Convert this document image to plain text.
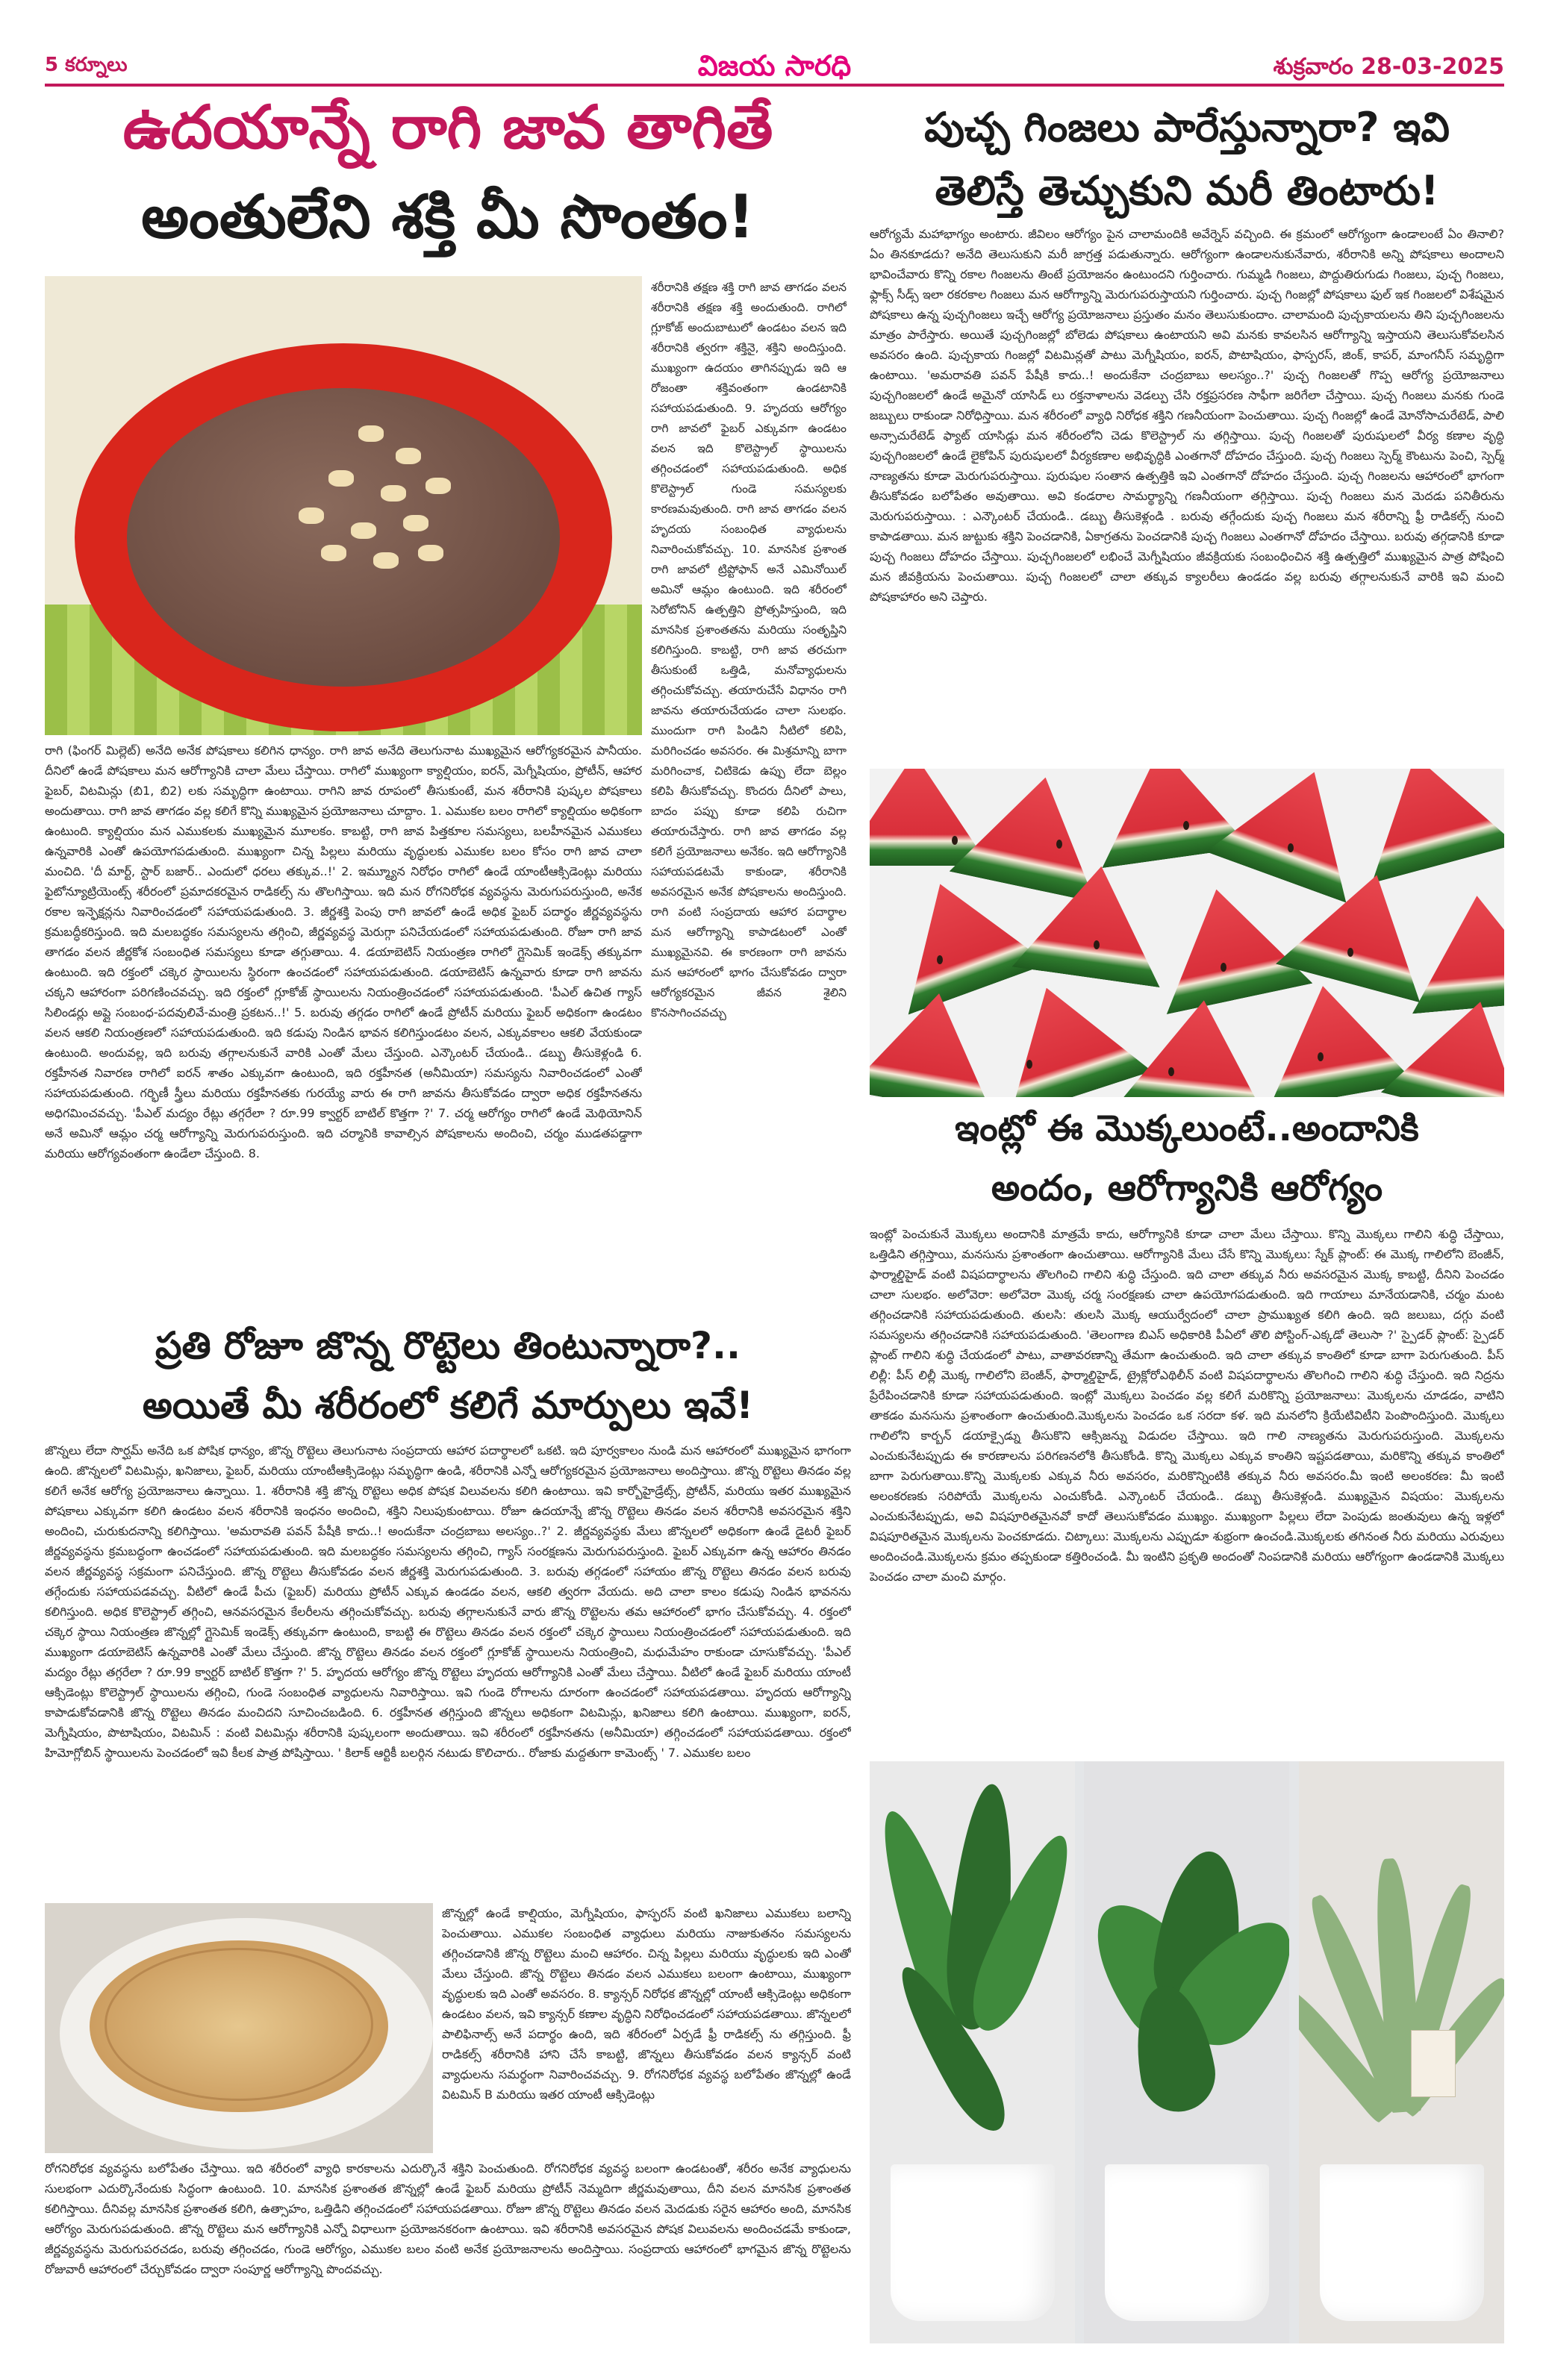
5 కర్నూలు	విజయ సారధి	శుక్రవారం 28-03-2025
ఉదయాన్నే రాగి జావ తాగితే
అంతులేని శక్తి మీ సొంతం!
శరీరానికి తక్షణ శక్తి రాగి జావ తాగడం వలన శరీరానికి తక్షణ శక్తి అందుతుంది. రాగిలో గ్లూకోజ్ అందుబాటులో ఉండటం వలన ఇది శరీరానికి త్వరగా శక్తినై, శక్తిని అందిస్తుంది. ముఖ్యంగా ఉదయం తాగినప్పుడు ఇది ఆ రోజంతా శక్తివంతంగా ఉండటానికి సహాయపడుతుంది. 9. హృదయ ఆరోగ్యం రాగి జావలో ఫైబర్ ఎక్కువగా ఉండటం వలన ఇది కొలెస్ట్రాల్ స్థాయిలను తగ్గించడంలో సహాయపడుతుంది. అధిక కొలెస్ట్రాల్ గుండె సమస్యలకు కారణమవుతుంది. రాగి జావ తాగడం వలన హృదయ సంబంధిత వ్యాధులను నివారించుకోవచ్చు. 10. మానసిక ప్రశాంత రాగి జావలో ట్రిప్టోఫాన్ అనే ఎమినోయిల్ అమినో ఆమ్లం ఉంటుంది. ఇది శరీరంలో సెరోటోనిన్ ఉత్పత్తిని ప్రోత్సహిస్తుంది, ఇది మానసిక ప్రశాంతతను మరియు సంతృప్తిని కలిగిస్తుంది. కాబట్టి, రాగి జావ తరచుగా తీసుకుంటే ఒత్తిడి, మనోవ్యాధులను తగ్గించుకోవచ్చు. తయారుచేసే విధానం రాగి జావను తయారుచేయడం చాలా సులభం. ముందుగా రాగి పిండిని నీటిలో కలిపి, మరిగించడం అవసరం. ఈ మిశ్రమాన్ని బాగా మరిగించాక, చిటికెడు ఉప్పు లేదా బెల్లం కలిపి తీసుకోవచ్చు. కొందరు దీనిలో పాలు, బాదం పప్పు కూడా కలిపి రుచిగా తయారుచేస్తారు. రాగి జావ తాగడం వల్ల కలిగే ప్రయోజనాలు అనేకం. ఇది ఆరోగ్యానికి సహాయపడటమే కాకుండా, శరీరానికి అవసరమైన అనేక పోషకాలను అందిస్తుంది. రాగి వంటి సంప్రదాయ ఆహార పదార్థాల మన ఆరోగ్యాన్ని కాపాడటంలో ఎంతో ముఖ్యమైనవి. ఈ కారణంగా రాగి జావను మన ఆహారంలో భాగం చేసుకోవడం ద్వారా ఆరోగ్యకరమైన జీవన శైలిని కొనసాగించవచ్చు
రాగి (ఫింగర్ మిల్లెట్) అనేది అనేక పోషకాలు కలిగిన ధాన్యం. రాగి జావ అనేది తెలుగునాట ముఖ్యమైన ఆరోగ్యకరమైన పానీయం. దీనిలో ఉండే పోషకాలు మన ఆరోగ్యానికి చాలా మేలు చేస్తాయి. రాగిలో ముఖ్యంగా క్యాల్షియం, ఐరన్, మెగ్నీషియం, ప్రోటీన్, ఆహార ఫైబర్, విటమిన్లు (బి1, బి2) లకు సమృద్ధిగా ఉంటాయి. రాగిని జావ రూపంలో తీసుకుంటే, మన శరీరానికి పుష్కల పోషకాలు అందుతాయి. రాగి జావ తాగడం వల్ల కలిగే కొన్ని ముఖ్యమైన ప్రయోజనాలు చూద్దాం. 1. ఎముకల బలం రాగిలో క్యాల్షియం అధికంగా ఉంటుంది. క్యాల్షియం మన ఎముకలకు ముఖ్యమైన మూలకం. కాబట్టి, రాగి జావ పిత్తకూల సమస్యలు, బలహీనమైన ఎముకలు ఉన్నవారికి ఎంతో ఉపయోగపడుతుంది. ముఖ్యంగా చిన్న పిల్లలు మరియు వృద్ధులకు ఎముకల బలం కోసం రాగి జావ చాలా మంచిది. 'దీ మార్ట్, స్టార్ బజార్.. ఎందులో ధరలు తక్కువ..!' 2. ఇమ్మ్యూన నిరోధం రాగిలో ఉండే యాంటీఆక్సిడెంట్లు మరియు ఫైటోన్యూట్రియెంట్స్ శరీరంలో ప్రమాదకరమైన రాడికల్స్ ను తొలగిస్తాయి. ఇది మన రోగనిరోధక వ్యవస్థను మెరుగుపరుస్తుంది, అనేక రకాల ఇన్ఫెక్షన్లను నివారించడంలో సహాయపడుతుంది. 3. జీర్ణశక్తి పెంపు రాగి జావలో ఉండే అధిక ఫైబర్ పదార్థం జీర్ణవ్యవస్థను క్రమబద్ధీకరిస్తుంది. ఇది మలబద్ధకం సమస్యలను తగ్గించి, జీర్ణవ్యవస్థ మెరుగ్గా పనిచేయడంలో సహాయపడుతుంది. రోజూ రాగి జావ తాగడం వలన జీర్ణకోశ సంబంధిత సమస్యలు కూడా తగ్గుతాయి. 4. డయాబెటిస్ నియంత్రణ రాగిలో గ్లైసెమిక్ ఇండెక్స్ తక్కువగా ఉంటుంది. ఇది రక్తంలో చక్కెర స్థాయిలను స్థిరంగా ఉంచడంలో సహాయపడుతుంది. డయాబెటిస్ ఉన్నవారు కూడా రాగి జావను చక్కని ఆహారంగా పరిగణించవచ్చు. ఇది రక్తంలో గ్లూకోజ్ స్థాయిలను నియంత్రించడంలో సహాయపడుతుంది. 'పీఎల్ ఉచిత గ్యాస్ సిలిండర్లు అప్లై సంబంధ-పదవులివే-మంత్రి ప్రకటన..!' 5. బరువు తగ్గడం రాగిలో ఉండే ప్రోటీన్ మరియు ఫైబర్ అధికంగా ఉండటం వలన ఆకలి నియంత్రణలో సహాయపడుతుంది. ఇది కడుపు నిండిన భావన కలిగిస్తుండటం వలన, ఎక్కువకాలం ఆకలి వేయకుండా ఉంటుంది. అందువల్ల, ఇది బరువు తగ్గాలనుకునే వారికి ఎంతో మేలు చేస్తుంది. ఎన్కౌంటర్ చేయండి.. డబ్బు తీసుకెళ్లండి 6. రక్తహీనత నివారణ రాగిలో ఐరన్ శాతం ఎక్కువగా ఉంటుంది, ఇది రక్తహీనత (అనీమియా) సమస్యను నివారించడంలో ఎంతో సహాయపడుతుంది. గర్భిణీ స్త్రీలు మరియు రక్తహీనతకు గురయ్యే వారు ఈ రాగి జావను తీసుకోవడం ద్వారా అధిక రక్తహీనతను అధిగమించవచ్చు. 'పీఎల్ మద్యం రేట్లు తగ్గరేలా ? రూ.99 క్వార్టర్ బాటిల్ కొత్తగా ?' 7. చర్మ ఆరోగ్యం రాగిలో ఉండే మెథియోనిన్ అనే అమినో ఆమ్లం చర్మ ఆరోగ్యాన్ని మెరుగుపరుస్తుంది. ఇది చర్మానికి కావాల్సిన పోషకాలను అందించి, చర్మం ముడతపడ్డాగా మరియు ఆరోగ్యవంతంగా ఉండేలా చేస్తుంది. 8.
పుచ్చ గింజలు పారేస్తున్నారా? ఇవి
తెలిస్తే తెచ్చుకుని మరీ తింటారు!
ఆరోగ్యమే మహాభాగ్యం అంటారు. జీవిలం ఆరోగ్యం పైన చాలామందికి అవేర్నెస్ వచ్చింది. ఈ క్రమంలో ఆరోగ్యంగా ఉండాలంటే ఏం తినాలి? ఏం తినకూడదు? అనేది తెలుసుకుని మరీ జాగ్రత్త పడుతున్నారు. ఆరోగ్యంగా ఉండాలనుకునేవారు, శరీరానికి అన్ని పోషకాలు అందాలని భావించేవారు కొన్ని రకాల గింజలను తింటే ప్రయోజనం ఉంటుందని గుర్తించారు. గుమ్మడి గింజలు, పొద్దుతిరుగుడు గింజలు, పుచ్చ గింజలు, ఫ్లాక్స్ సీడ్స్ ఇలా రకరకాల గింజలు మన ఆరోగ్యాన్ని మెరుగుపరుస్తాయని గుర్తించారు. పుచ్చ గింజల్లో పోషకాలు ఫుల్ ఇక గింజలలో విశేషమైన పోషకాలు ఉన్న పుచ్చగింజలు ఇచ్చే ఆరోగ్య ప్రయోజనాలు ప్రస్తుతం మనం తెలుసుకుందాం. చాలామంది పుచ్చకాయలను తిని పుచ్చగింజలను మాత్రం పారేస్తారు. అయితే పుచ్చగింజల్లో బోలెడు పోషకాలు ఉంటాయని అవి మనకు కావలసిన ఆరోగ్యాన్ని ఇస్తాయని తెలుసుకోవలసిన అవసరం ఉంది. పుచ్చకాయ గింజల్లో విటమిన్లతో పాటు మెగ్నీషియం, ఐరన్, పొటాషియం, ఫాస్పరస్, జింక్, కాపర్, మాంగనీస్ సమృద్ధిగా ఉంటాయి. 'అమరావతి పవన్ పేషీకి కాదు..! అందుకేనా చంద్రబాబు అలస్యం..?' పుచ్చ గింజలతో గొప్ప ఆరోగ్య ప్రయోజనాలు పుచ్చగింజలలో ఉండే అమైనో యాసిడ్ లు రక్తనాళాలను వెడల్పు చేసి రక్తప్రసరణ సాఫీగా జరిగేలా చేస్తాయి. పుచ్చ గింజలు మనకు గుండె జబ్బులు రాకుండా నిరోధిస్తాయి. మన శరీరంలో వ్యాధి నిరోధక శక్తిని గణనీయంగా పెంచుతాయి. పుచ్చ గింజల్లో ఉండే మోనోసాచురేటెడ్, పాలి అన్సాచురేటెడ్ ఫ్యాట్ యాసిడ్లు మన శరీరంలోని చెడు కొలెస్ట్రాల్ ను తగ్గిస్తాయి. పుచ్చ గింజలతో పురుషులలో వీర్య కణాల వృద్ధి పుచ్చగింజలలో ఉండే లైకోపిన్ పురుషులలో వీర్యకణాల అభివృద్ధికి ఎంతగానో దోహదం చేస్తుంది. పుచ్చ గింజలు స్పెర్మ్ కౌంటును పెంచి, స్పెర్మ్ నాణ్యతను కూడా మెరుగుపరుస్తాయి. పురుషుల సంతాన ఉత్పత్తికి ఇవి ఎంతగానో దోహదం చేస్తుంది. పుచ్చ గింజలను ఆహారంలో భాగంగా తీసుకోవడం బలోపేతం అవుతాయి. అవి కండరాల సామర్థ్యాన్ని గణనీయంగా తగ్గిస్తాయి. పుచ్చ గింజలు మన మెదడు పనితీరును మెరుగుపరుస్తాయి. : ఎన్కౌంటర్ చేయండి.. డబ్బు తీసుకెళ్లండి . బరువు తగ్గేందుకు పుచ్చ గింజలు మన శరీరాన్ని ఫ్రీ రాడికల్స్ నుంచి కాపాడతాయి. మన జుట్టుకు శక్తిని పెంచడానికి, ఏకాగ్రతను పెంచడానికి పుచ్చ గింజలు ఎంతగానో దోహదం చేస్తాయి. బరువు తగ్గడానికి కూడా పుచ్చ గింజలు దోహదం చేస్తాయి. పుచ్చగింజలలో లభించే మెగ్నీషియం జీవక్రియకు సంబంధించిన శక్తి ఉత్పత్తిలో ముఖ్యమైన పాత్ర పోషించి మన జీవక్రియను పెంచుతాయి. పుచ్చ గింజలలో చాలా తక్కువ క్యాలరీలు ఉండడం వల్ల బరువు తగ్గాలనుకునే వారికి ఇవి మంచి పోషకాహారం అని చెప్తారు.
ఇంట్లో ఈ మొక్కలుంటే..అందానికి
అందం, ఆరోగ్యానికి ఆరోగ్యం
ఇంట్లో పెంచుకునే మొక్కలు అందానికి మాత్రమే కాదు, ఆరోగ్యానికి కూడా చాలా మేలు చేస్తాయి. కొన్ని మొక్కలు గాలిని శుద్ధి చేస్తాయి, ఒత్తిడిని తగ్గిస్తాయి, మనసును ప్రశాంతంగా ఉంచుతాయి. ఆరోగ్యానికి మేలు చేసే కొన్ని మొక్కలు: స్నేక్ ప్లాంట్: ఈ మొక్క గాలిలోని బెంజీన్, ఫార్మాల్డిహైడ్ వంటి విషపదార్థాలను తొలగించి గాలిని శుద్ధి చేస్తుంది. ఇది చాలా తక్కువ నీరు అవసరమైన మొక్క కాబట్టి, దీనిని పెంచడం చాలా సులభం. అలోవెరా: అలోవెరా మొక్క చర్మ సంరక్షణకు చాలా ఉపయోగపడుతుంది. ఇది గాయాలు మానేయడానికి, చర్మం మంట తగ్గించడానికి సహాయపడుతుంది. తులసి: తులసి మొక్క ఆయుర్వేదంలో చాలా ప్రాముఖ్యత కలిగి ఉంది. ఇది జలుబు, దగ్గు వంటి సమస్యలను తగ్గించడానికి సహాయపడుతుంది. 'తెలంగాణ బిఎస్ అధికారికి పీఏలో తొలి పోస్టింగ్-ఎక్కడో తెలుసా ?' స్పైడర్ ప్లాంట్: స్పైడర్ ప్లాంట్ గాలిని శుద్ధి చేయడంలో పాటు, వాతావరణాన్ని తేమగా ఉంచుతుంది. ఇది చాలా తక్కువ కాంతిలో కూడా బాగా పెరుగుతుంది. పీస్ లిల్లీ: పీస్ లిల్లీ మొక్క గాలిలోని బెంజీన్, ఫార్మాల్డిహైడ్, ట్రైక్లోరోఎథిలీన్ వంటి విషపదార్థాలను తొలగించి గాలిని శుద్ధి చేస్తుంది. ఇది నిద్రను ప్రేరేపించడానికి కూడా సహాయపడుతుంది. ఇంట్లో మొక్కలు పెంచడం వల్ల కలిగే మరికొన్ని ప్రయోజనాలు: మొక్కలను చూడడం, వాటిని తాకడం మనసును ప్రశాంతంగా ఉంచుతుంది.మొక్కలను పెంచడం ఒక సరదా కళ. ఇది మనలోని క్రియేటివిటీని పెంపొందిస్తుంది. మొక్కలు గాలిలోని కార్బన్ డయాక్సైడ్ను తీసుకొని ఆక్సిజన్ను విడుదల చేస్తాయి. ఇది గాలి నాణ్యతను మెరుగుపరుస్తుంది. మొక్కలను ఎంచుకునేటప్పుడు ఈ కారణాలను పరిగణనలోకి తీసుకోండి. కొన్ని మొక్కలు ఎక్కువ కాంతిని ఇష్టపడతాయి, మరికొన్ని తక్కువ కాంతిలో బాగా పెరుగుతాయి.కొన్ని మొక్కలకు ఎక్కువ నీరు అవసరం, మరికొన్నింటికి తక్కువ నీరు అవసరం.మీ ఇంటి అలంకరణ: మీ ఇంటి అలంకరణకు సరిపోయే మొక్కలను ఎంచుకోండి. ఎన్కౌంటర్ చేయండి.. డబ్బు తీసుకెళ్లండి. ముఖ్యమైన విషయం: మొక్కలను ఎంచుకునేటప్పుడు, అవి విషపూరితమైనవో కాదో తెలుసుకోవడం ముఖ్యం. ముఖ్యంగా పిల్లలు లేదా పెంపుడు జంతువులు ఉన్న ఇళ్లలో విషపూరితమైన మొక్కలను పెంచకూడదు. చిట్కాలు: మొక్కలను ఎప్పుడూ శుభ్రంగా ఉంచండి.మొక్కలకు తగినంత నీరు మరియు ఎరువులు అందించండి.మొక్కలను క్రమం తప్పకుండా కత్తిరించండి. మీ ఇంటిని ప్రకృతి అందంతో నింపడానికి మరియు ఆరోగ్యంగా ఉండడానికి మొక్కలు పెంచడం చాలా మంచి మార్గం.
ప్రతి రోజూ జొన్న రొట్టెలు తింటున్నారా?..
అయితే మీ శరీరంలో కలిగే మార్పులు ఇవే!
జొన్నలు లేదా సొర్ఘమ్ అనేది ఒక పోషిక ధాన్యం, జొన్న రొట్టెలు తెలుగునాట సంప్రదాయ ఆహార పదార్థాలలో ఒకటి. ఇది పూర్వకాలం నుండి మన ఆహారంలో ముఖ్యమైన భాగంగా ఉంది. జొన్నలలో విటమిన్లు, ఖనిజాలు, ఫైబర్, మరియు యాంటీఆక్సిడెంట్లు సమృద్ధిగా ఉండి, శరీరానికి ఎన్నో ఆరోగ్యకరమైన ప్రయోజనాలు అందిస్తాయి. జొన్న రొట్టెలు తినడం వల్ల కలిగే అనేక ఆరోగ్య ప్రయోజనాలు ఉన్నాయి. 1. శరీరానికి శక్తి జొన్న రొట్టెలు అధిక పోషక విలువలను కలిగి ఉంటాయి. ఇవి కార్బోహైడ్రేట్స్, ప్రోటీన్, మరియు ఇతర ముఖ్యమైన పోషకాలు ఎక్కువగా కలిగి ఉండటం వలన శరీరానికి ఇంధనం అందించి, శక్తిని నిలుపుకుంటాయి. రోజూ ఉదయాన్నే జొన్న రొట్టెలు తినడం వలన శరీరానికి అవసరమైన శక్తిని అందించి, చురుకుదనాన్ని కలిగిస్తాయి. 'అమరావతి పవన్ పేషీకి కాదు..! అందుకేనా చంద్రబాబు అలస్యం..?' 2. జీర్ణవ్యవస్థకు మేలు జొన్నలలో అధికంగా ఉండే డైటరీ ఫైబర్ జీర్ణవ్యవస్థను క్రమబద్ధంగా ఉంచడంలో సహాయపడుతుంది. ఇది మలబద్ధకం సమస్యలను తగ్గించి, గ్యాస్ సంరక్షణను మెరుగుపరుస్తుంది. ఫైబర్ ఎక్కువగా ఉన్న ఆహారం తినడం వలన జీర్ణవ్యవస్థ సక్రమంగా పనిచేస్తుంది. జొన్న రొట్టెలు తీసుకోవడం వలన జీర్ణశక్తి మెరుగుపడుతుంది. 3. బరువు తగ్గడంలో సహాయం జొన్న రొట్టెలు తినడం వలన బరువు తగ్గేందుకు సహాయపడవచ్చు. వీటిలో ఉండే పీచు (ఫైబర్) మరియు ప్రోటీన్ ఎక్కువ ఉండడం వలన, ఆకలి త్వరగా వేయదు. అది చాలా కాలం కడుపు నిండిన భావనను కలిగిస్తుంది. అధిక కొలెస్ట్రాల్ తగ్గించి, ఆనవసరమైన కేలరీలను తగ్గించుకోవచ్చు. బరువు తగ్గాలనుకునే వారు జొన్న రొట్టెలను తమ ఆహారంలో భాగం చేసుకోవచ్చు. 4. రక్తంలో చక్కెర స్థాయి నియంత్రణ జొన్నల్లో గ్లైసెమిక్ ఇండెక్స్ తక్కువగా ఉంటుంది, కాబట్టి ఈ రొట్టెలు తినడం వలన రక్తంలో చక్కెర స్థాయిలు నియంత్రించడంలో సహాయపడుతుంది. ఇది ముఖ్యంగా డయాబెటిస్ ఉన్నవారికి ఎంతో మేలు చేస్తుంది. జొన్న రొట్టెలు తినడం వలన రక్తంలో గ్లూకోజ్ స్థాయిలను నియంత్రించి, మధుమేహం రాకుండా చూసుకోవచ్చు. 'పీఎల్ మద్యం రేట్లు తగ్గరేలా ? రూ.99 క్వార్టర్ బాటిల్ కొత్తగా ?' 5. హృదయ ఆరోగ్యం జొన్న రొట్టెలు హృదయ ఆరోగ్యానికి ఎంతో మేలు చేస్తాయి. వీటిలో ఉండే ఫైబర్ మరియు యాంటీ ఆక్సిడెంట్లు కొలెస్ట్రాల్ స్థాయిలను తగ్గించి, గుండె సంబంధిత వ్యాధులను నివారిస్తాయి. ఇవి గుండె రోగాలను దూరంగా ఉంచడంలో సహాయపడతాయి. హృదయ ఆరోగ్యాన్ని కాపాడుకోవడానికి జొన్న రొట్టెలు తినడం మంచిదని సూచించబడింది. 6. రక్తహీనత తగ్గిస్తుంది జొన్నలు అధికంగా విటమిన్లు, ఖనిజాలు కలిగి ఉంటాయి. ముఖ్యంగా, ఐరన్, మెగ్నీషియం, పొటాషియం, విటమిన్ : వంటి విటమిన్లు శరీరానికి పుష్కలంగా అందుతాయి. ఇవి శరీరంలో రక్తహీనతను (అనీమియా) తగ్గించడంలో సహాయపడతాయి. రక్తంలో హిమోగ్లోబిన్ స్థాయిలను పెంచడంలో ఇవి కీలక పాత్ర పోషిస్తాయి. ' కిలాక్ ఆర్టికీ బలర్గిన నటుడు కొలిచారు.. రోజాకు మద్దతుగా కామెంట్స్ ' 7. ఎముకల బలం
జొన్నల్లో ఉండే కాల్షియం, మెగ్నీషియం, ఫాస్ఫరస్ వంటి ఖనిజాలు ఎముకలు బలాన్ని పెంచుతాయి. ఎముకల సంబంధిత వ్యాధులు మరియు నాజుకుతనం సమస్యలను తగ్గించడానికి జొన్న రొట్టెలు మంచి ఆహారం. చిన్న పిల్లలు మరియు వృద్ధులకు ఇది ఎంతో మేలు చేస్తుంది. జొన్న రొట్టెలు తినడం వలన ఎముకలు బలంగా ఉంటాయి, ముఖ్యంగా వృద్ధులకు ఇది ఎంతో అవసరం. 8. క్యాన్సర్ నిరోధక జొన్నల్లో యాంటీ ఆక్సిడెంట్లు అధికంగా ఉండటం వలన, ఇవి క్యాన్సర్ కణాల వృద్ధిని నిరోధించడంలో సహాయపడతాయి. జొన్నలలో పాలిఫినాల్స్ అనే పదార్థం ఉంది, ఇది శరీరంలో ఏర్పడే ఫ్రీ రాడికల్స్ ను తగ్గిస్తుంది. ఫ్రీ రాడికల్స్ శరీరానికి హాని చేసే కాబట్టి, జొన్నలు తీసుకోవడం వలన క్యాన్సర్ వంటి వ్యాధులను సమర్థంగా నివారించవచ్చు. 9. రోగనిరోధక వ్యవస్థ బలోపేతం జొన్నల్లో ఉండే విటమిన్ B మరియు ఇతర యాంటీ ఆక్సిడెంట్లు
రోగనిరోధక వ్యవస్థను బలోపేతం చేస్తాయి. ఇది శరీరంలో వ్యాధి కారకాలను ఎదుర్కొనే శక్తిని పెంచుతుంది. రోగనిరోధక వ్యవస్థ బలంగా ఉండటంతో, శరీరం అనేక వ్యాధులను సులభంగా ఎదుర్కొనేందుకు సిద్ధంగా ఉంటుంది. 10. మానసిక ప్రశాంతత జొన్నల్లో ఉండే ఫైబర్ మరియు ప్రోటీన్ నెమ్మదిగా జీర్ణమవుతాయి, దీని వలన మానసిక ప్రశాంతత కలిగిస్తాయి. దీనివల్ల మానసిక ప్రశాంతత కలిగి, ఉత్సాహం, ఒత్తిడిని తగ్గించడంలో సహాయపడతాయి. రోజూ జొన్న రొట్టెలు తినడం వలన మెదడుకు సరైన ఆహారం అంది, మానసిక ఆరోగ్యం మెరుగుపడుతుంది. జొన్న రొట్టెలు మన ఆరోగ్యానికి ఎన్నో విధాలుగా ప్రయోజనకరంగా ఉంటాయి. ఇవి శరీరానికి అవసరమైన పోషక విలువలను అందించడమే కాకుండా, జీర్ణవ్యవస్థను మెరుగుపరచడం, బరువు తగ్గించడం, గుండె ఆరోగ్యం, ఎముకల బలం వంటి అనేక ప్రయోజనాలను అందిస్తాయి. సంప్రదాయ ఆహారంలో భాగమైన జొన్న రొట్టెలను రోజువారీ ఆహారంలో చేర్చుకోవడం ద్వారా సంపూర్ణ ఆరోగ్యాన్ని పొందవచ్చు.
